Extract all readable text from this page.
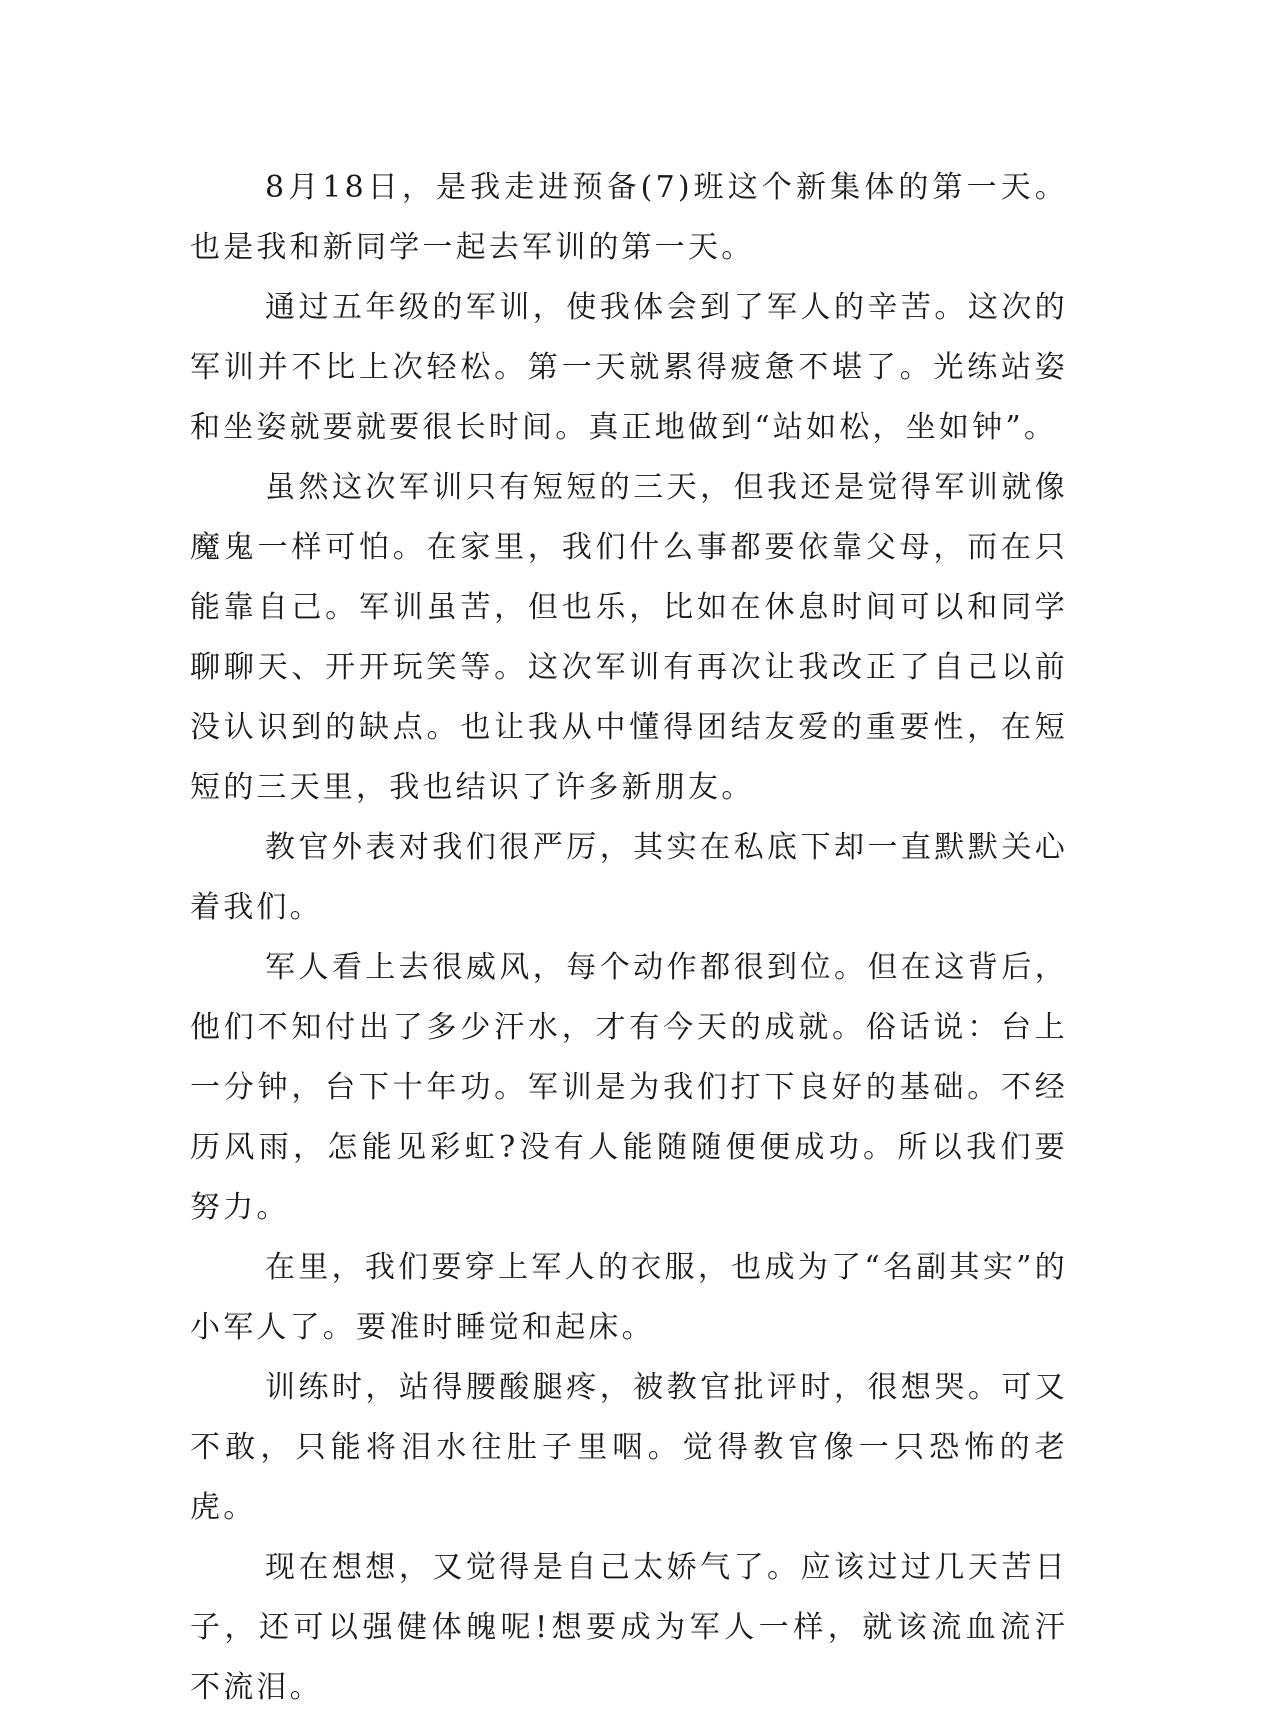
8月18日，是我走进预备(7)班这个新集体的第一天。也是我和新同学一起去军训的第一天。

通过五年级的军训，使我体会到了军人的辛苦。这次的军训并不比上次轻松。第一天就累得疲惫不堪了。光练站姿和坐姿就要就要很长时间。真正地做到“站如松，坐如钟”。

虽然这次军训只有短短的三天，但我还是觉得军训就像魔鬼一样可怕。在家里，我们什么事都要依靠父母，而在只能靠自己。军训虽苦，但也乐，比如在休息时间可以和同学聊聊天、开开玩笑等。这次军训有再次让我改正了自己以前没认识到的缺点。也让我从中懂得团结友爱的重要性，在短短的三天里，我也结识了许多新朋友。

教官外表对我们很严厉，其实在私底下却一直默默关心着我们。

军人看上去很威风，每个动作都很到位。但在这背后，他们不知付出了多少汗水，才有今天的成就。俗话说：台上一分钟，台下十年功。军训是为我们打下良好的基础。不经历风雨，怎能见彩虹?没有人能随随便便成功。所以我们要努力。

在里，我们要穿上军人的衣服，也成为了“名副其实”的小军人了。要准时睡觉和起床。

训练时，站得腰酸腿疼，被教官批评时，很想哭。可又不敢，只能将泪水往肚子里咽。觉得教官像一只恐怖的老虎。

现在想想，又觉得是自己太娇气了。应该过过几天苦日子，还可以强健体魄呢!想要成为军人一样，就该流血流汗不流泪。
